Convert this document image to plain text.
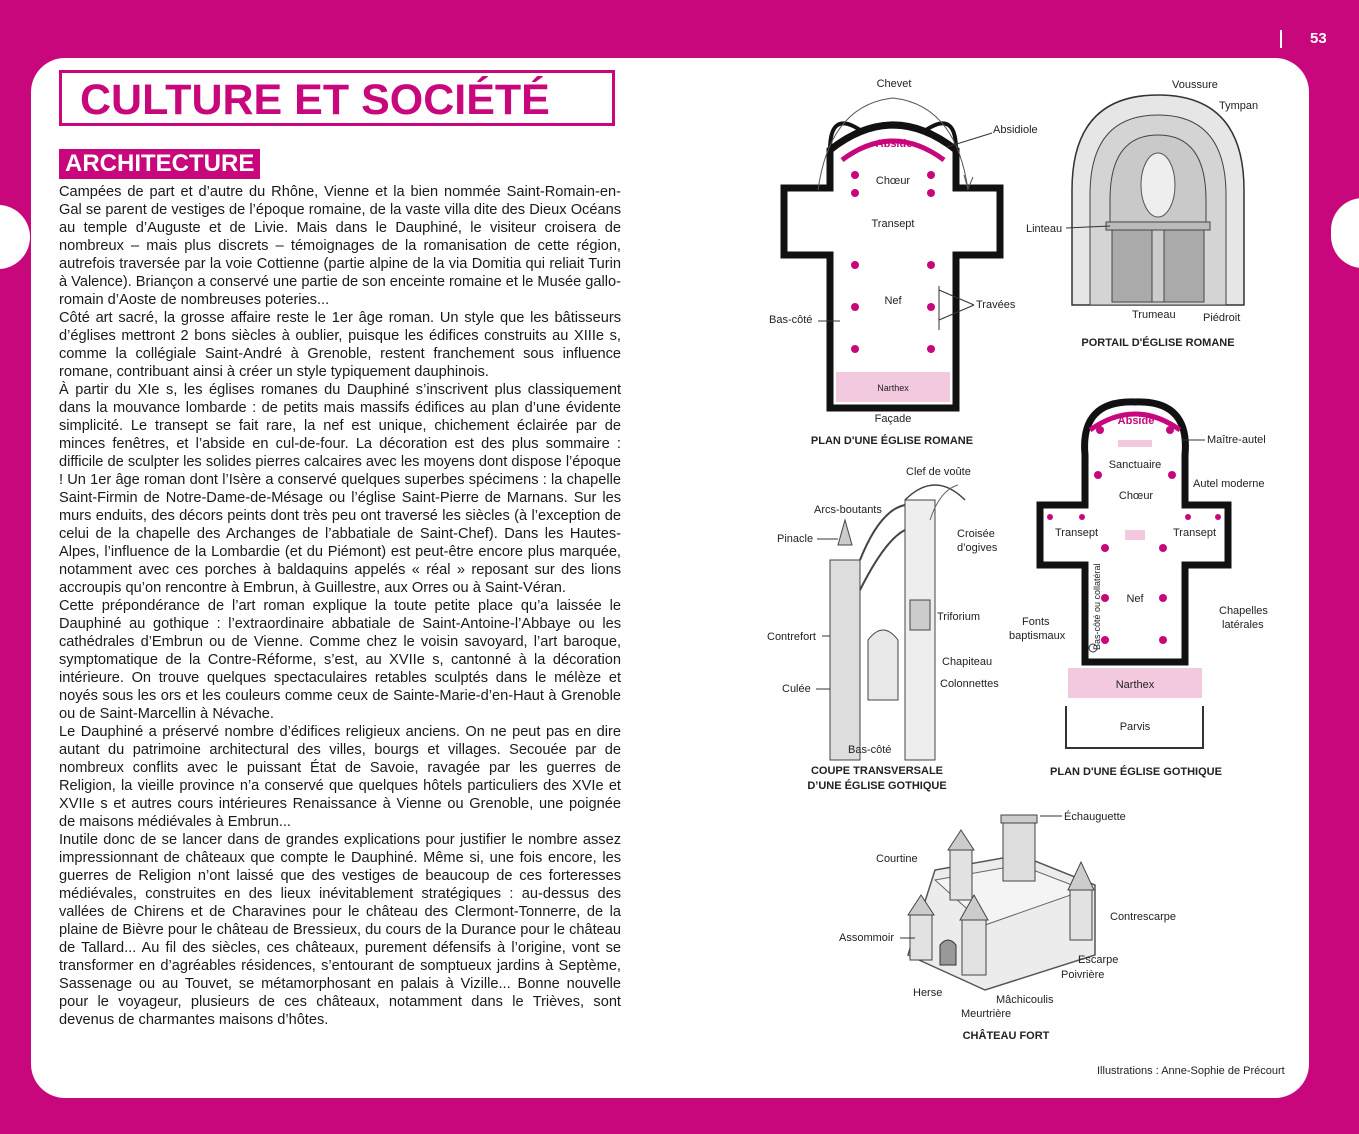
53
CULTURE ET SOCIÉTÉ
ARCHITECTURE

Campées de part et d’autre du Rhône, Vienne et la bien nommée Saint-Romain-en-Gal se parent de vestiges de l’époque romaine, de la vaste villa dite des Dieux Océans au temple d’Auguste et de Livie. Mais dans le Dauphiné, le visiteur croisera de nombreux – mais plus discrets – témoignages de la romanisation de cette région, autrefois traversée par la voie Cottienne (partie alpine de la via Domitia qui reliait Turin à Valence). Briançon a conservé une partie de son enceinte romaine et le Musée gallo-romain d’Aoste de nombreuses poteries...

Côté art sacré, la grosse affaire reste le 1er âge roman. Un style que les bâtisseurs d’églises mettront 2 bons siècles à oublier, puisque les édifices construits au XIIIe s, comme la collégiale Saint-André à Grenoble, restent franchement sous influence romane, contribuant ainsi à créer un style typiquement dauphinois.

À partir du XIe s, les églises romanes du Dauphiné s’inscrivent plus classiquement dans la mouvance lombarde : de petits mais massifs édifices au plan d’une évidente simplicité. Le transept se fait rare, la nef est unique, chichement éclairée par de minces fenêtres, et l’abside en cul-de-four. La décoration est des plus sommaire : difficile de sculpter les solides pierres calcaires avec les moyens dont dispose l’époque ! Un 1er âge roman dont l’Isère a conservé quelques superbes spécimens : la chapelle Saint-Firmin de Notre-Dame-de-Mésage ou l’église Saint-Pierre de Marnans. Sur les murs enduits, des décors peints dont très peu ont traversé les siècles (à l’exception de celui de la chapelle des Archanges de l’abbatiale de Saint-Chef). Dans les Hautes-Alpes, l’influence de la Lombardie (et du Piémont) est peut-être encore plus marquée, notamment avec ces porches à baldaquins appelés « réal » reposant sur des lions accroupis qu’on rencontre à Embrun, à Guillestre, aux Orres ou à Saint-Véran.

Cette prépondérance de l’art roman explique la toute petite place qu’a laissée le Dauphiné au gothique : l’extraordinaire abbatiale de Saint-Antoine-l’Abbaye ou les cathédrales d’Embrun ou de Vienne. Comme chez le voisin savoyard, l’art baroque, symptomatique de la Contre-Réforme, s’est, au XVIIe s, cantonné à la décoration intérieure. On trouve quelques spectaculaires retables sculptés dans le mélèze et noyés sous les ors et les couleurs comme ceux de Sainte-Marie-d’en-Haut à Grenoble ou de Saint-Marcellin à Névache.

Le Dauphiné a préservé nombre d’édifices religieux anciens. On ne peut pas en dire autant du patrimoine architectural des villes, bourgs et villages. Secouée par de nombreux conflits avec le puissant État de Savoie, ravagée par les guerres de Religion, la vieille province n’a conservé que quelques hôtels particuliers des XVIe et XVIIe s et autres cours intérieures Renaissance à Vienne ou Grenoble, une poignée de maisons médiévales à Embrun...

Inutile donc de se lancer dans de grandes explications pour justifier le nombre assez impressionnant de châteaux que compte le Dauphiné. Même si, une fois encore, les guerres de Religion n’ont laissé que des vestiges de beaucoup de ces forteresses médiévales, construites en des lieux inévitablement stratégiques : au-dessus des vallées de Chirens et de Charavines pour le château des Clermont-Tonnerre, de la plaine de Bièvre pour le château de Bressieux, du cours de la Durance pour le château de Tallard... Au fil des siècles, ces châteaux, purement défensifs à l’origine, vont se transformer en d’agréables résidences, s’entourant de somptueux jardins à Septème, Sassenage ou au Touvet, se métamorphosant en palais à Vizille... Bonne nouvelle pour le voyageur, plusieurs de ces châteaux, notamment dans le Trièves, sont devenus de charmantes maisons d’hôtes.

Chevet
Absidiole
Abside
Chœur
Transept
Nef	Travées
Bas-côté
Narthex
Façade
PLAN D'UNE ÉGLISE ROMANE
Voussure
Tympan
Linteau
Trumeau Piédroit
PORTAIL D'ÉGLISE ROMANE
Clef de voûte
Arcs-boutants
Pinacle	Croisée
d’ogives
Triforium
Contrefort
Chapiteau
Culée	Colonnettes
Bas-côté
COUPE TRANSVERSALE
D’UNE ÉGLISE GOTHIQUE
Abside
Maître-autel
Sanctuaire
Chœur
Autel moderne
Transept	Transept
Bas-côté ou collatéral Nef
Chapelles
latérales
Fonts
baptismaux
Narthex
Parvis
PLAN D'UNE ÉGLISE GOTHIQUE
Échauguette
Courtine
Contrescarpe
Assommoir
Escarpe
Poivrière
Herse
Mâchicoulis
Meurtrière
CHÂTEAU FORT
Illustrations : Anne-Sophie de Précourt
